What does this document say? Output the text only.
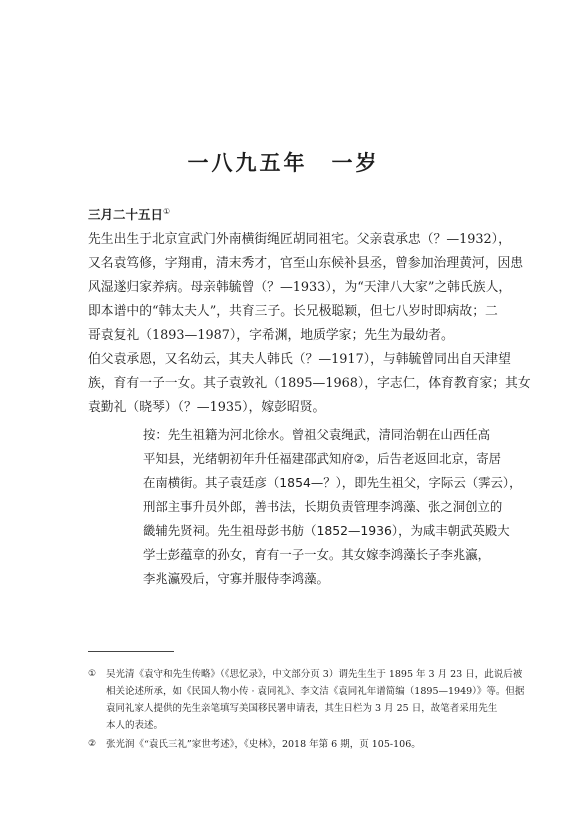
一八九五年　一岁
三月二十五日①

先生出生于北京宣武门外南横街绳匠胡同祖宅。父亲袁承忠（？—1932），

又名袁笃修，字翔甫，清末秀才，官至山东候补县丞，曾参加治理黄河，因患

风湿遂归家养病。母亲韩毓曾（？—1933），为“天津八大家”之韩氏族人，

即本谱中的“韩太夫人”，共育三子。长兄极聪颖，但七八岁时即病故；二

哥袁复礼（1893—1987），字希渊，地质学家；先生为最幼者。

伯父袁承恩，又名幼云，其夫人韩氏（？—1917），与韩毓曾同出自天津望

族，育有一子一女。其子袁敦礼（1895—1968），字志仁，体育教育家；其女

袁勤礼（晓琴）（？—1935），嫁彭昭贤。

按：先生祖籍为河北徐水。曾祖父袁绳武，清同治朝在山西任高

平知县，光绪朝初年升任福建邵武知府②，后告老返回北京，寄居

在南横街。其子袁廷彦（1854—？），即先生祖父，字际云（霁云），

刑部主事升员外郎，善书法，长期负责管理李鸿藻、张之洞创立的

畿辅先贤祠。先生祖母彭书舫（1852—1936），为咸丰朝武英殿大

学士彭蕴章的孙女，育有一子一女。其女嫁李鸿藻长子李兆瀛，

李兆瀛殁后，守寡并服侍李鸿藻。

① 吴光清《袁守和先生传略》（《思忆录》，中文部分页 3）谓先生生于 1895 年 3 月 23 日，此说后被

相关论述所承，如《民国人物小传 · 袁同礼》、李文洁《袁同礼年谱简编（1895—1949）》等。但据

袁同礼家人提供的先生亲笔填写美国移民署申请表，其生日栏为 3 月 25 日，故笔者采用先生

本人的表述。

② 张光润《“袁氏三礼”家世考述》，《史林》，2018 年第 6 期，页 105-106。
